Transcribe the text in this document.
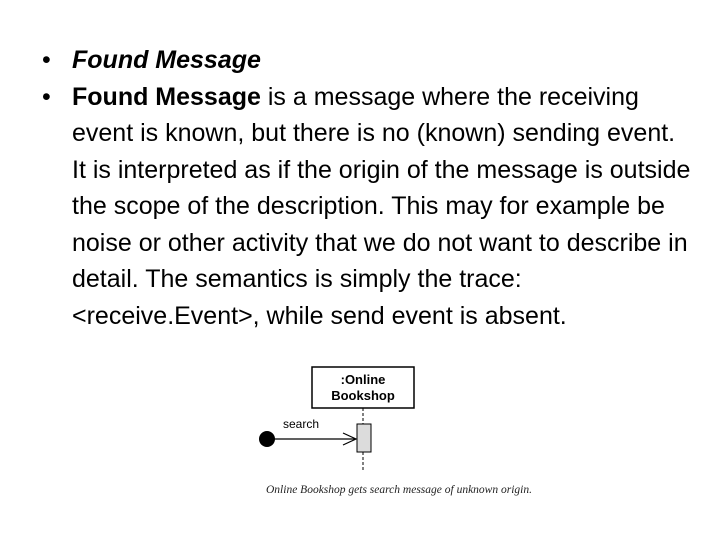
• Found Message
• Found Message is a message where the receiving event is known, but there is no (known) sending event. It is interpreted as if the origin of the message is outside the scope of the description. This may for example be noise or other activity that we do not want to describe in detail. The semantics is simply the trace: <receive.Event>, while send event is absent.
:Online
Bookshop
search
Online Bookshop gets search message of unknown origin.
